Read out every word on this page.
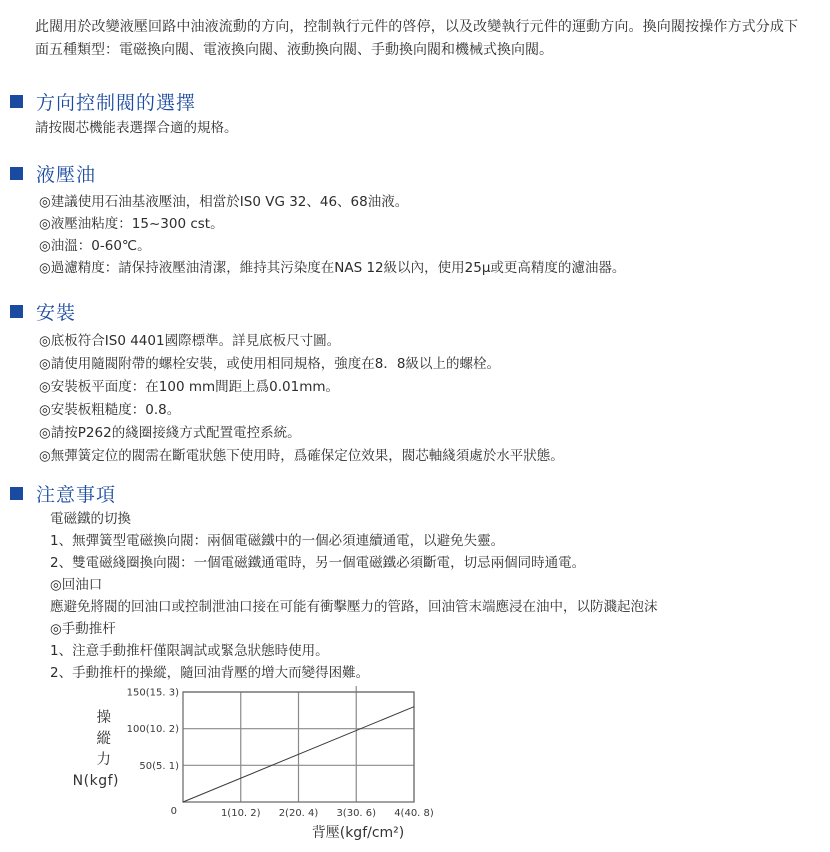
此閥用於改變液壓回路中油液流動的方向，控制執行元件的啓停，以及改變執行元件的運動方向。換向閥按操作方式分成下面五種類型：電磁換向閥、電液換向閥、液動換向閥、手動換向閥和機械式換向閥。
方向控制閥的選擇
請按閥芯機能表選擇合適的規格。
液壓油
◎建議使用石油基液壓油，相當於IS0 VG 32、46、68油液。
◎液壓油粘度：15~300 cst。
◎油溫：0-60℃。
◎過濾精度：請保持液壓油清潔，維持其污染度在NAS 12級以內，使用25μ或更高精度的濾油器。
安裝
◎底板符合IS0 4401國際標準。詳見底板尺寸圖。
◎請使用隨閥附帶的螺栓安裝，或使用相同規格，強度在8．8級以上的螺栓。
◎安裝板平面度：在100 mm間距上爲0.01mm。
◎安裝板粗糙度：0.8。
◎請按P262的綫圈接綫方式配置電控系統。
◎無彈簧定位的閥需在斷電狀態下使用時，爲確保定位效果，閥芯軸綫須處於水平狀態。
注意事項
電磁鐵的切換
1、無彈簧型電磁換向閥：兩個電磁鐵中的一個必須連續通電，以避免失靈。
2、雙電磁綫圈換向閥：一個電磁鐵通電時，另一個電磁鐵必須斷電，切忌兩個同時通電。
◎回油口
應避免將閥的回油口或控制泄油口接在可能有衝擊壓力的管路，回油管末端應浸在油中，以防濺起泡沫
◎手動推杆
1、注意手動推杆僅限調試或緊急狀態時使用。
2、手動推杆的操縱，隨回油背壓的增大而變得困難。
操
縱
力
N(kgf)
50(5. 1)
100(10. 2)
150(15. 3)
1(10. 2) 2(20. 4) 3(30. 6) 4(40. 8)
0
背壓(kgf/cm²)
